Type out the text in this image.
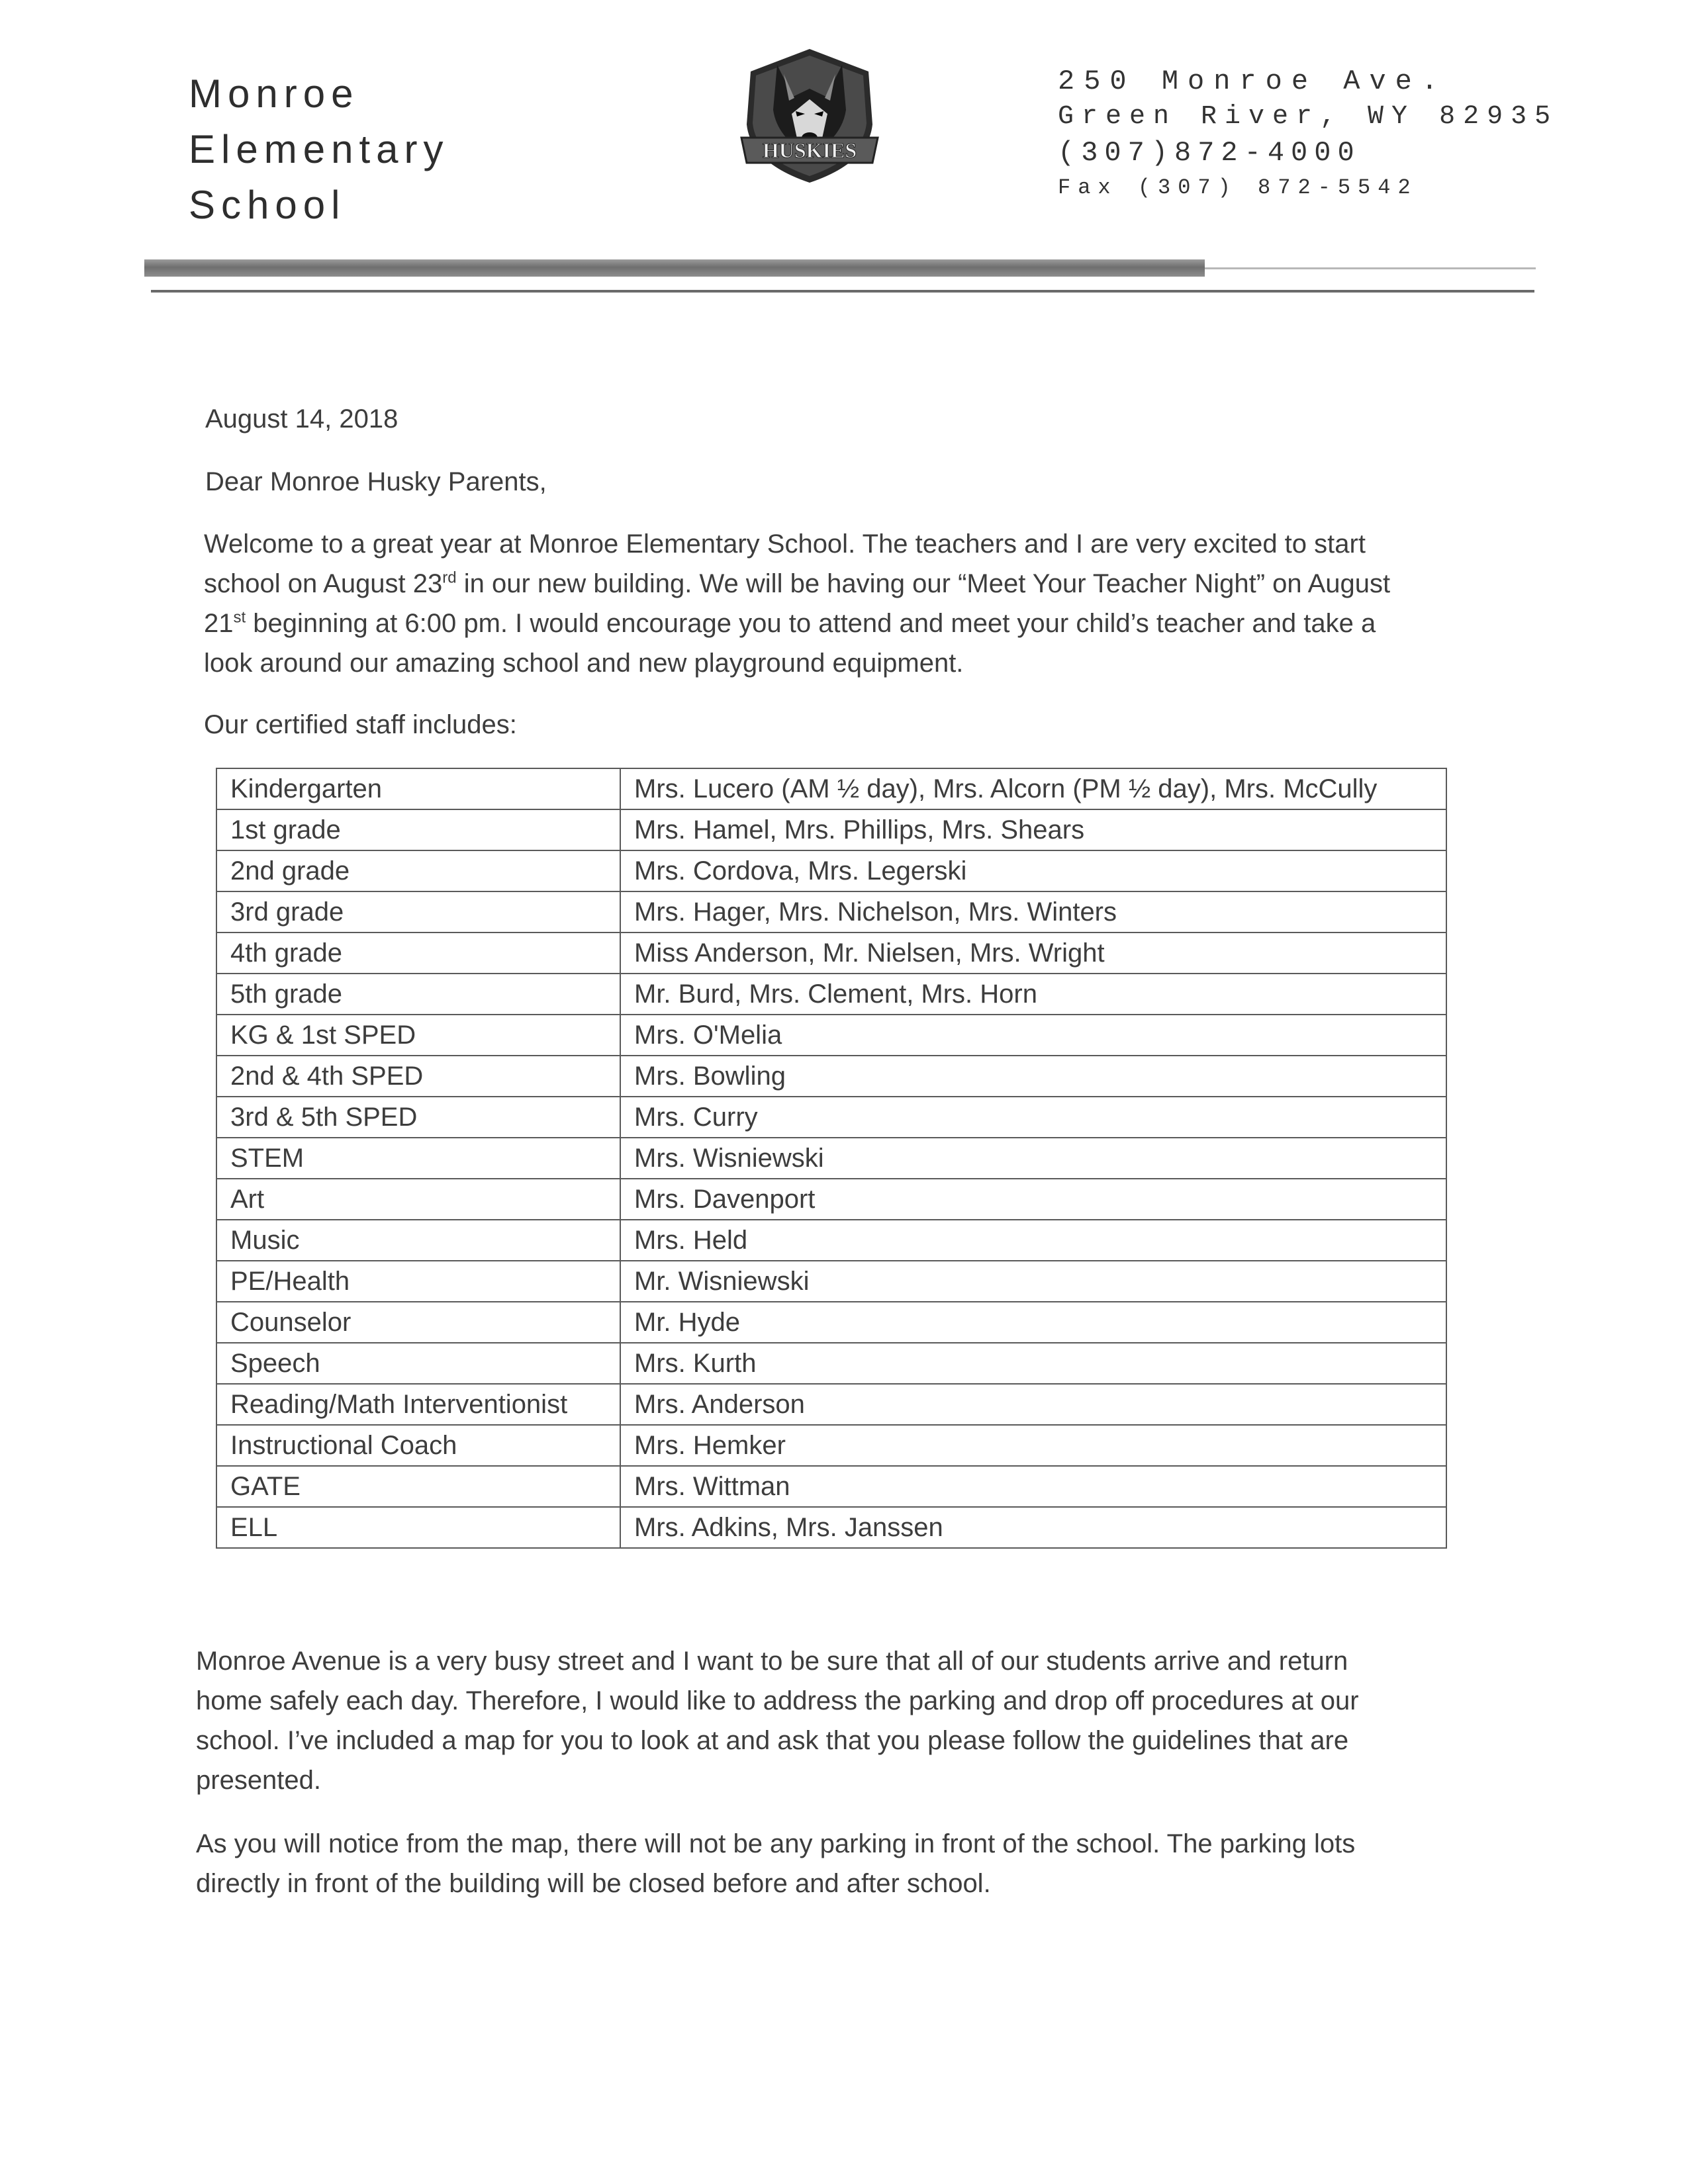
Monroe
Elementary
School
HUSKIES
250 Monroe Ave.
Green River, WY 82935
(307)872-4000
Fax (307) 872-5542
August 14, 2018
Dear Monroe Husky Parents,

Welcome to a great year at Monroe Elementary School. The teachers and I are very excited to start

school on August 23rd in our new building. We will be having our “Meet Your Teacher Night” on August

21st beginning at 6:00 pm. I would encourage you to attend and meet your child’s teacher and take a

look around our amazing school and new playground equipment.

Our certified staff includes:
Kindergarten	Mrs. Lucero (AM ½ day), Mrs. Alcorn (PM ½ day), Mrs. McCully
1st grade	Mrs. Hamel, Mrs. Phillips, Mrs. Shears
2nd grade	Mrs. Cordova, Mrs. Legerski
3rd grade	Mrs. Hager, Mrs. Nichelson, Mrs. Winters
4th grade	Miss Anderson, Mr. Nielsen, Mrs. Wright
5th grade	Mr. Burd, Mrs. Clement, Mrs. Horn
KG & 1st SPED	Mrs. O'Melia
2nd & 4th SPED	Mrs. Bowling
3rd & 5th SPED	Mrs. Curry
STEM	Mrs. Wisniewski
Art	Mrs. Davenport
Music	Mrs. Held
PE/Health	Mr. Wisniewski
Counselor	Mr. Hyde
Speech	Mrs. Kurth
Reading/Math Interventionist	Mrs. Anderson
Instructional Coach	Mrs. Hemker
GATE	Mrs. Wittman
ELL	Mrs. Adkins, Mrs. Janssen

Monroe Avenue is a very busy street and I want to be sure that all of our students arrive and return

home safely each day. Therefore, I would like to address the parking and drop off procedures at our

school. I’ve included a map for you to look at and ask that you please follow the guidelines that are

presented.

As you will notice from the map, there will not be any parking in front of the school. The parking lots

directly in front of the building will be closed before and after school.
